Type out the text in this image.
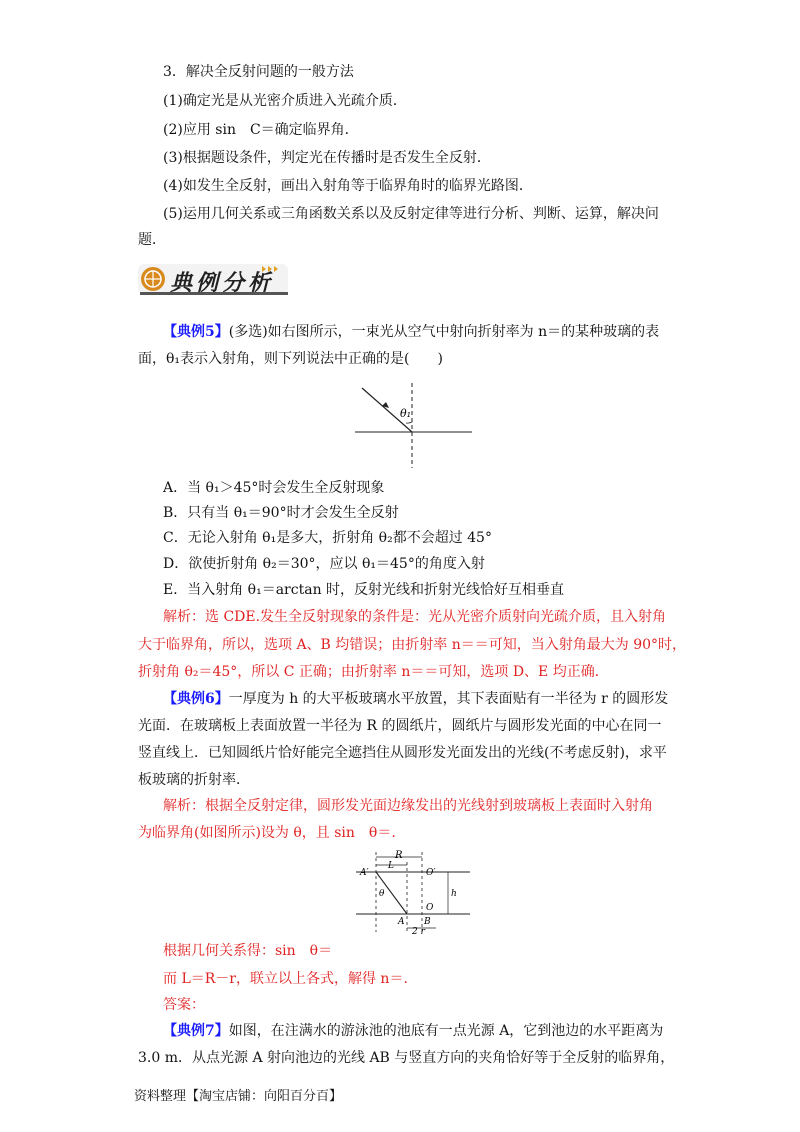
3．解决全反射问题的一般方法
(1)确定光是从光密介质进入光疏介质．
(2)应用 sin　C＝确定临界角．
(3)根据题设条件，判定光在传播时是否发生全反射．
(4)如发生全反射，画出入射角等于临界角时的临界光路图．
(5)运用几何关系或三角函数关系以及反射定律等进行分析、判断、运算，解决问
题．
典例分析
【典例5】(多选)如右图所示，一束光从空气中射向折射率为 n＝的某种玻璃的表
面，θ₁表示入射角，则下列说法中正确的是(　　)
θ₁
A．当 θ₁＞45°时会发生全反射现象
B．只有当 θ₁＝90°时才会发生全反射
C．无论入射角 θ₁是多大，折射角 θ₂都不会超过 45°
D．欲使折射角 θ₂＝30°，应以 θ₁＝45°的角度入射
E．当入射角 θ₁＝arctan 时，反射光线和折射光线恰好互相垂直
解析：选 CDE.发生全反射现象的条件是：光从光密介质射向光疏介质，且入射角
大于临界角，所以，选项 A、B 均错误；由折射率 n＝＝可知，当入射角最大为 90°时，
折射角 θ₂＝45°，所以 C 正确；由折射率 n＝＝可知，选项 D、E 均正确．
【典例6】一厚度为 h 的大平板玻璃水平放置，其下表面贴有一半径为 r 的圆形发
光面．在玻璃板上表面放置一半径为 R 的圆纸片，圆纸片与圆形发光面的中心在同一
竖直线上．已知圆纸片恰好能完全遮挡住从圆形发光面发出的光线(不考虑反射)，求平
板玻璃的折射率．
解析：根据全反射定律，圆形发光面边缘发出的光线射到玻璃板上表面时入射角
为临界角(如图所示)设为 θ，且 sin　θ＝.
R
L
A′	O′
h
θ
O
A B
2 r
根据几何关系得：sin　θ＝
而 L＝R－r，联立以上各式，解得 n＝.
答案：
【典例7】如图，在注满水的游泳池的池底有一点光源 A，它到池边的水平距离为
3.0 m．从点光源 A 射向池边的光线 AB 与竖直方向的夹角恰好等于全反射的临界角，
资料整理【淘宝店铺：向阳百分百】
